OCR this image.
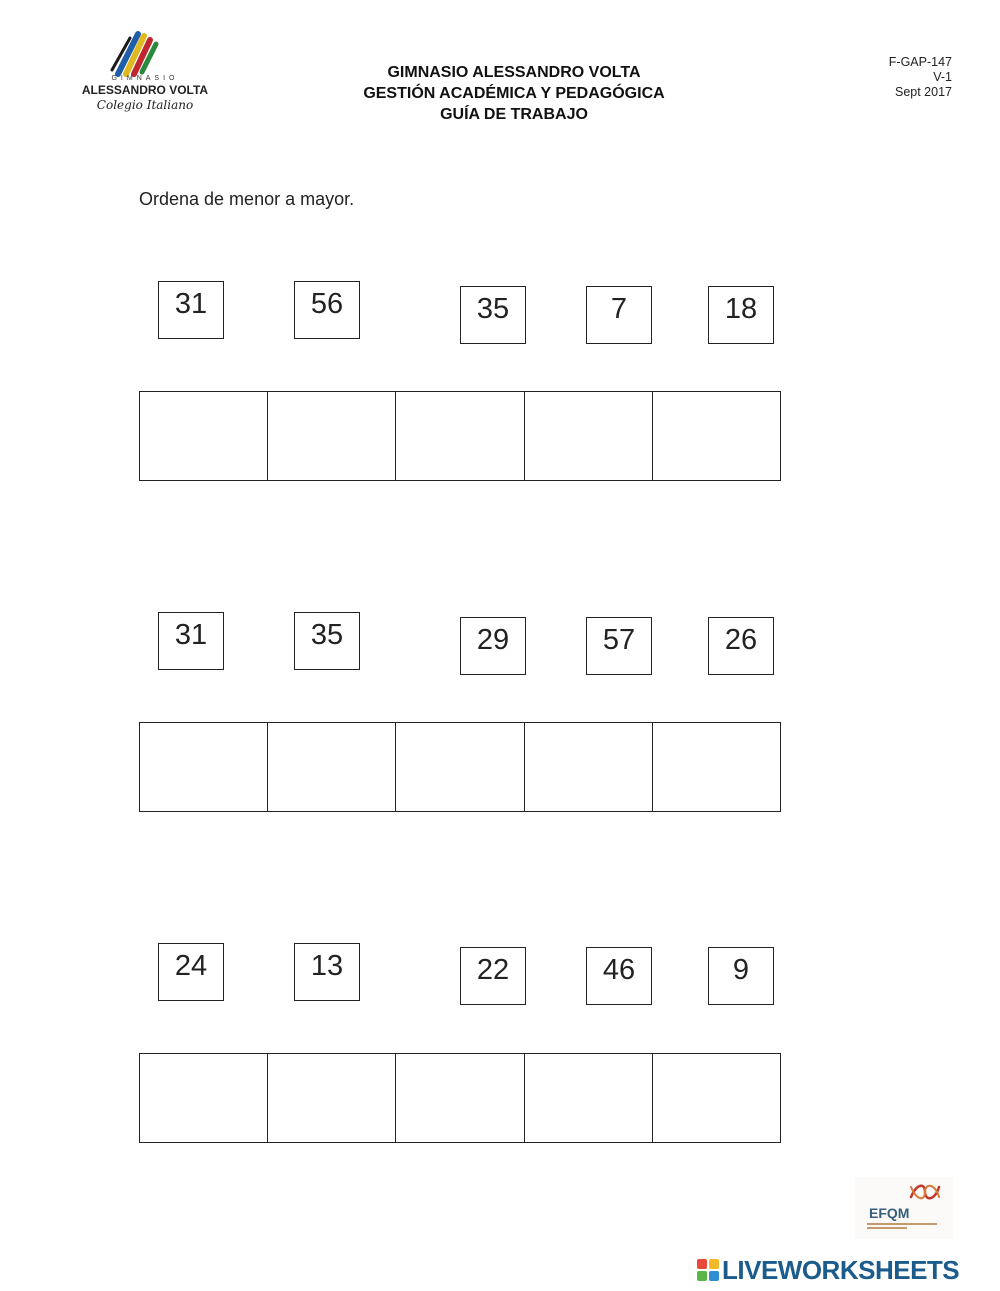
GIMNASIO
ALESSANDRO VOLTA
Colegio Italiano
GIMNASIO ALESSANDRO VOLTA
GESTIÓN ACADÉMICA Y PEDAGÓGICA
GUÍA DE TRABAJO
F-GAP-147
V-1
Sept 2017
Ordena de menor a mayor.
31	56	35	7	18
31	35	29	57	26
24	13	22	46	9
EFQM
LIVEWORKSHEETS
